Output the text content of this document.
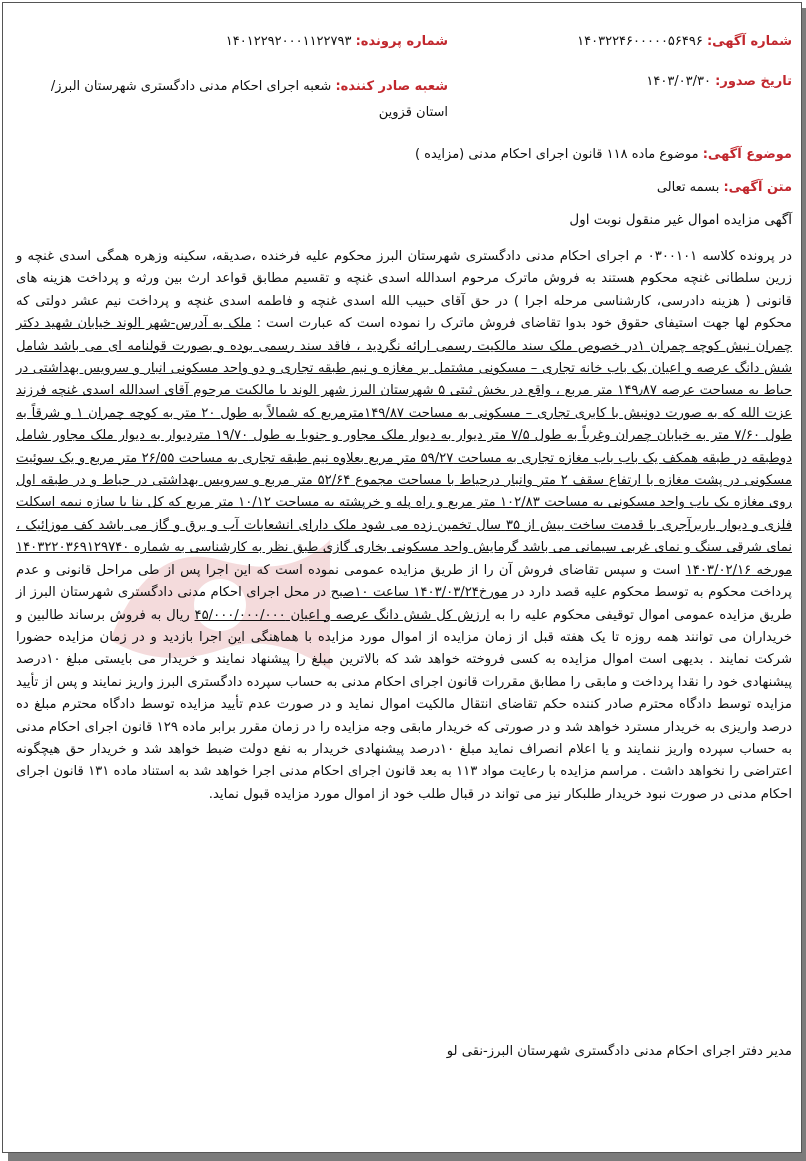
شماره آگهی: ۱۴۰۳۲۲۴۶۰۰۰۰۰۵۶۴۹۶
شماره پرونده: ۱۴۰۱۲۲۹۲۰۰۰۱۱۲۲۷۹۳
تاریخ صدور: ۱۴۰۳/۰۳/۳۰
شعبه صادر کننده: شعبه اجرای احکام مدنی دادگستری شهرستان البرز/استان قزوین
موضوع آگهی: موضوع ماده ۱۱۸ قانون اجرای احکام مدنی (مزایده )
متن آگهی: بسمه تعالی
آگهی مزایده اموال غیر منقول نوبت اول
در پرونده کلاسه ۰۳۰۰۱۰۱ م اجرای احکام مدنی دادگستری شهرستان البرز محکوم علیه فرخنده ،صدیقه، سکینه وزهره همگی اسدی غنچه و زرین سلطانی غنچه محکوم هستند به فروش ماترک مرحوم اسدالله اسدی غنچه و تقسیم مطابق قواعد ارث بین ورثه و پرداخت هزینه های قانونی ( هزینه دادرسی، کارشناسی مرحله اجرا ) در حق آقای حبیب الله اسدی غنچه و فاطمه اسدی غنچه و پرداخت نیم عشر دولتی که محکوم لها جهت استیفای حقوق خود بدوا تقاضای فروش ماترک را نموده است که عبارت است : ملک به آدرس-شهر الوند خیابان شهید دکتر چمران نبش کوچه چمران ۱در خصوص ملک سند مالکیت رسمی ارائه نگردید ، فاقد سند رسمی بوده و بصورت قولنامه ای می باشد شامل شش دانگ عرصه و اعیان یک باب خانه تجاری – مسکونی مشتمل بر مغازه و نیم طبقه تجاری و دو واحد مسکونی انبار و سرویس بهداشتی در حیاط به مساحت عرصه ۱۴۹٫۸۷ متر مربع ، واقع در بخش ثبتی ۵ شهرستان البرز شهر الوند با مالکیت مرحوم آقای اسدالله اسدی غنچه فرزند عزت الله که به صورت دونبش با کابری تجاری – مسکونی به مساحت ۱۴۹/۸۷مترمربع که شمالاً به طول ۲۰ متر به کوچه چمران ۱ و شرقاً به طول ۷/۶۰ متر به خیابان چمران وغرباً به طول ۷/۵ متر دیوار به دیوار ملک مجاور و جنوبا به طول ۱۹/۷۰ مترديوار به دیوار ملک مجاور شامل دوطبقه در طبقه همکف یک باب باب مغازه تجاری به مساحت ۵۹/۲۷ متر مربع بعلاوه نیم طبقه تجاری به مساحت ۲۶/۵۵ متر مربع و یک سوئیت مسکونی در پشت مغازه با ارتفاع سقف ۲ متر وانبار درحیاط با مساحت مجموع ۵۲/۶۴ متر مربع و سرویس بهداشتی در حیاط و در طبقه اول روی مغازه یک باب واحد مسکونی به مساحت ۱۰۲/۸۳ متر مربع و راه پله و خرپشته به مساحت ۱۰/۱۲ متر مربع که کل بنا با سازه نیمه اسکلت فلزی و دیوار باربرآجری با قدمت ساخت بیش از ۳۵ سال تخمین زده می شود ملک دارای انشعابات آب و برق و گاز می باشد کف موزائیک ، نمای شرقی سنگ و نمای غربی سیمانی می باشد گرمایش واحد مسکونی بخاری گازی طبق نظر به کارشناسی به شماره ۱۴۰۳۲۲۰۳۶۹۱۲۹۷۴۰ مورخه ۱۴۰۳/۰۲/۱۶ است و سپس تقاضای فروش آن را از طریق مزایده عمومی نموده است که این اجرا پس از طی مراحل قانونی و عدم پرداخت محکوم به توسط محکوم علیه قصد دارد در مورخ۱۴۰۳/۰۳/۲۴ ساعت ۱۰صبح در محل اجرای احکام مدنی دادگستری شهرستان البرز از طریق مزایده عمومی اموال توقیفی محکوم علیه را به ارزش کل شش دانگ عرصه و اعیان ۴۵/۰۰۰/۰۰۰/۰۰۰ ریال به فروش برساند طالبین و خریداران می توانند همه روزه تا یک هفته قبل از زمان مزایده از اموال مورد مزایده با هماهنگی این اجرا بازدید و در زمان مزایده حضورا شرکت نمایند . بدیهی است اموال مزایده به کسی فروخته خواهد شد که بالاترین مبلغ را پیشنهاد نمایند و خریدار می بایستی مبلغ ۱۰درصد پیشنهادی خود را نقدا پرداخت و مابقی را مطابق مقررات قانون اجرای احکام مدنی به حساب سپرده دادگستری البرز واریز نمایند و پس از تأیید مزایده توسط دادگاه محترم صادر کننده حکم تقاضای انتقال مالکیت اموال نماید و در صورت عدم تأیید مزایده توسط دادگاه محترم مبلغ ده درصد واریزی به خریدار مسترد خواهد شد و در صورتی که خریدار مابقی وجه مزایده را در زمان مقرر برابر ماده ۱۲۹ قانون اجرای احکام مدنی به حساب سپرده واریز ننمایند و یا اعلام انصراف نماید مبلغ ۱۰درصد پیشنهادی خریدار به نفع دولت ضبط خواهد شد و خریدار حق هیچگونه اعتراضی را نخواهد داشت . مراسم مزایده با رعایت مواد ۱۱۳ به بعد قانون اجرای احکام مدنی اجرا خواهد شد به استناد ماده ۱۳۱ قانون اجرای احکام مدنی در صورت نبود خریدار طلبکار نیز می تواند در قبال طلب خود از اموال مورد مزایده قبول نماید.
مدیر دفتر اجرای احکام مدنی دادگستری شهرستان البرز-نقی لو
